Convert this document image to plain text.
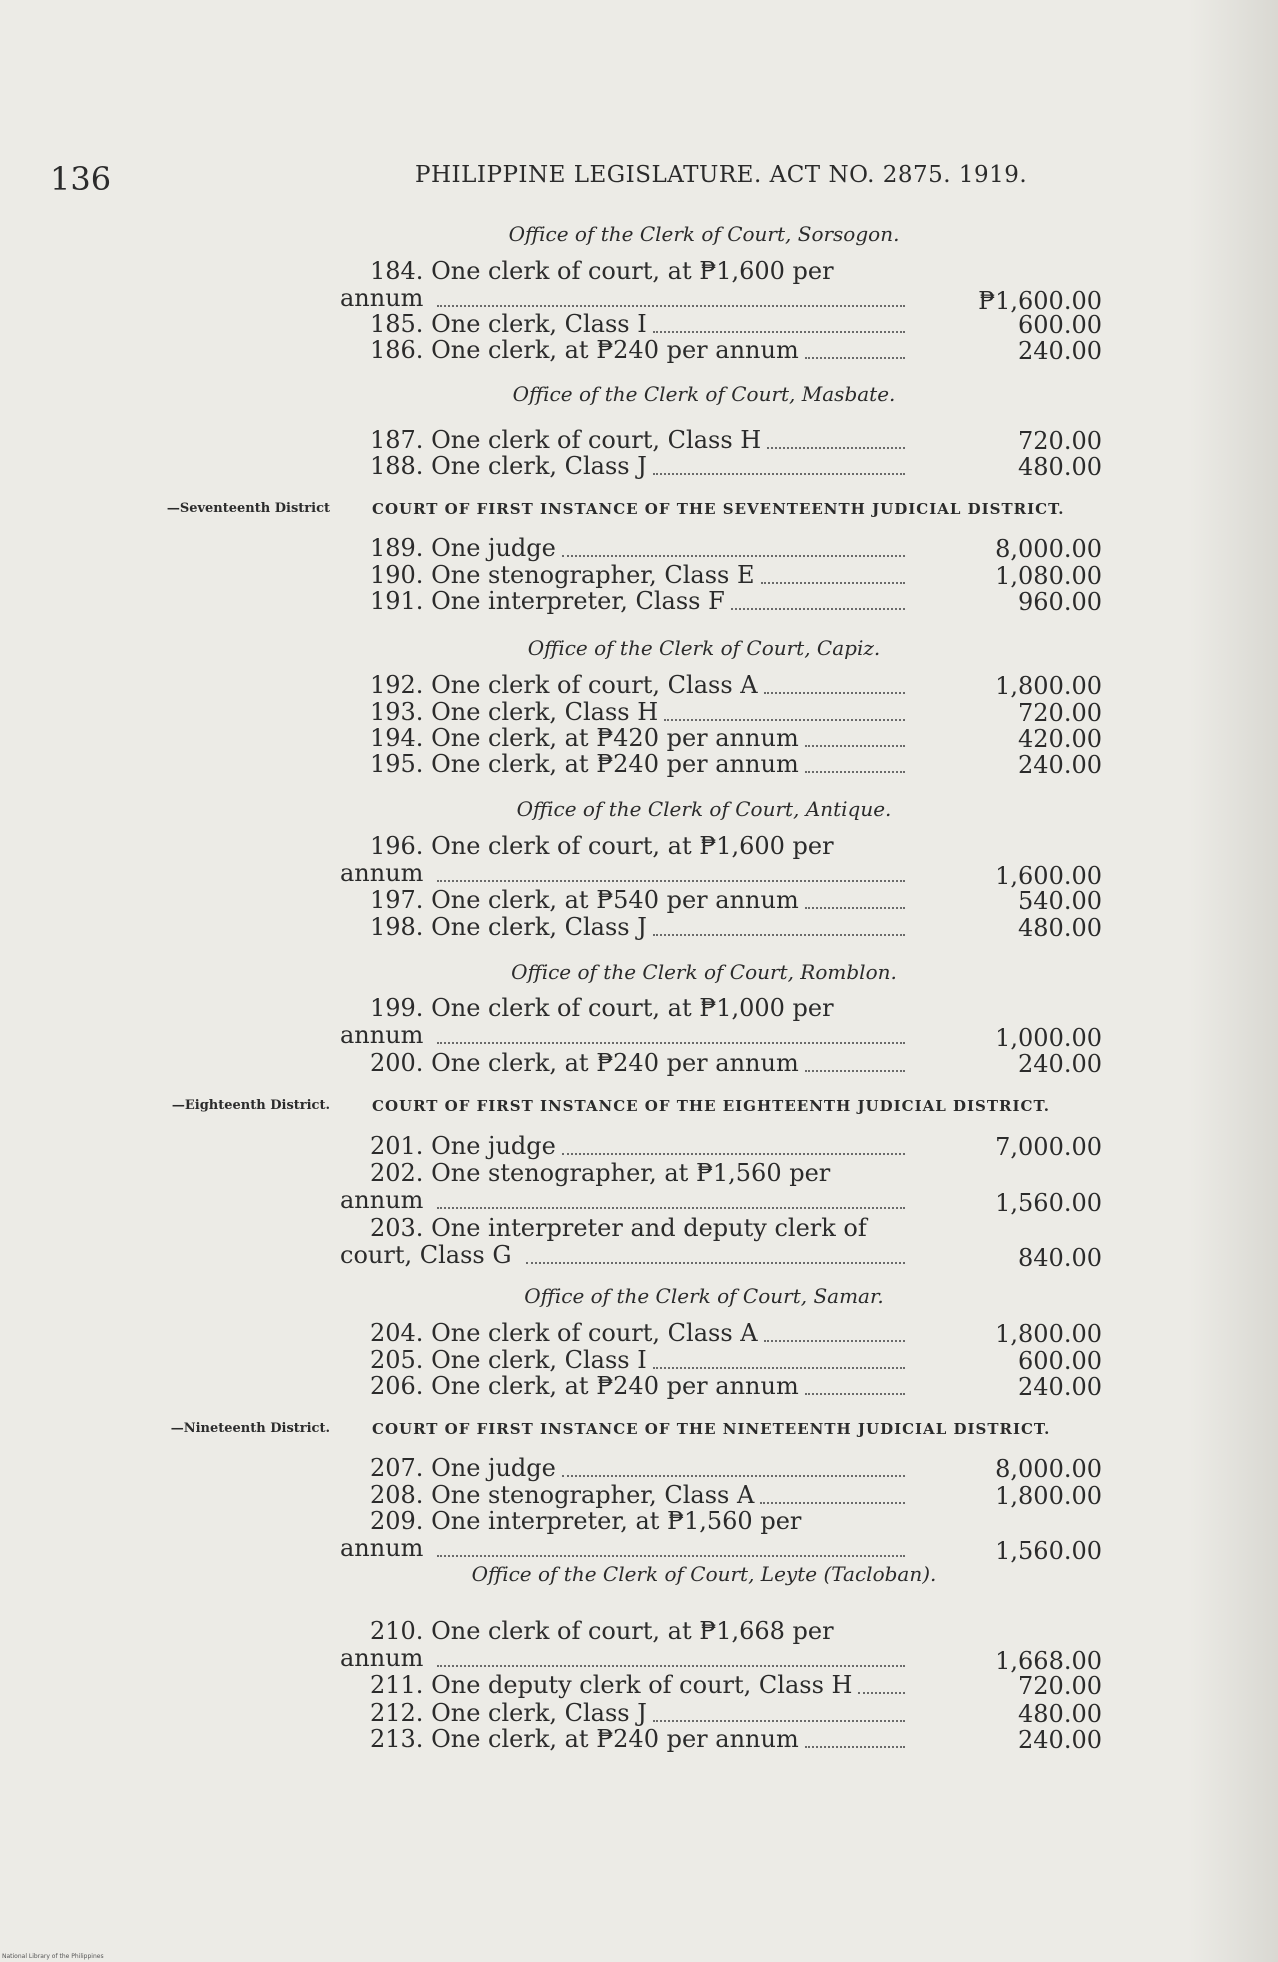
136	PHILIPPINE LEGISLATURE. ACT NO. 2875. 1919.
Office of the Clerk of Court, Sorsogon.
184. One clerk of court, at ₱1,600 per
annum	₱1,600.00
185. One clerk, Class I	600.00
186. One clerk, at ₱240 per annum	240.00
Office of the Clerk of Court, Masbate.
187. One clerk of court, Class H	720.00
188. One clerk, Class J	480.00
COURT OF FIRST INSTANCE OF THE SEVENTEENTH JUDICIAL DISTRICT.
—Seventeenth District
189. One judge	8,000.00
190. One stenographer, Class E	1,080.00
191. One interpreter, Class F	960.00
Office of the Clerk of Court, Capiz.
192. One clerk of court, Class A	1,800.00
193. One clerk, Class H	720.00
194. One clerk, at ₱420 per annum	420.00
195. One clerk, at ₱240 per annum	240.00
Office of the Clerk of Court, Antique.
196. One clerk of court, at ₱1,600 per
annum	1,600.00
197. One clerk, at ₱540 per annum	540.00
198. One clerk, Class J	480.00
Office of the Clerk of Court, Romblon.
199. One clerk of court, at ₱1,000 per
annum	1,000.00
200. One clerk, at ₱240 per annum	240.00
COURT OF FIRST INSTANCE OF THE EIGHTEENTH JUDICIAL DISTRICT.
—Eighteenth District.
201. One judge	7,000.00
202. One stenographer, at ₱1,560 per
annum	1,560.00
203. One interpreter and deputy clerk of
court, Class G	840.00
Office of the Clerk of Court, Samar.
204. One clerk of court, Class A	1,800.00
205. One clerk, Class I	600.00
206. One clerk, at ₱240 per annum	240.00
COURT OF FIRST INSTANCE OF THE NINETEENTH JUDICIAL DISTRICT.
—Nineteenth District.
207. One judge	8,000.00
208. One stenographer, Class A	1,800.00
209. One interpreter, at ₱1,560 per
annum	1,560.00
Office of the Clerk of Court, Leyte (Tacloban).
210. One clerk of court, at ₱1,668 per
annum	1,668.00
211. One deputy clerk of court, Class H	720.00
212. One clerk, Class J	480.00
213. One clerk, at ₱240 per annum	240.00
National Library of the Philippines
